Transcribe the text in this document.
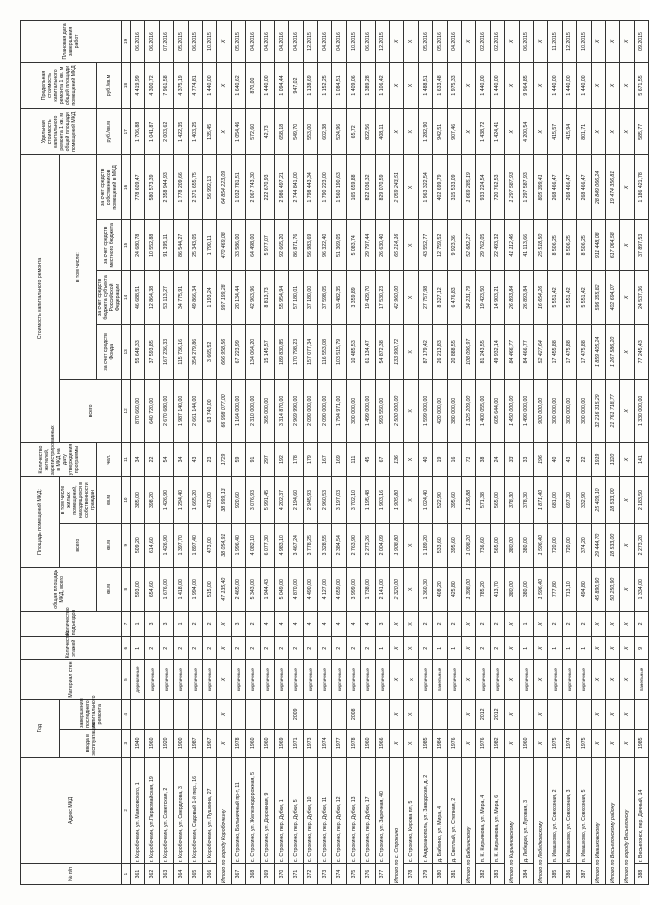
№ п/п	Адрес МКД	Год		Материал стен	Количество этажей	Количество подъездов	общая площадь МКД, всего	Площадь помещений МКД:		Количество жителей, зарегистрированных в МКД на дату утверждения программы	Стоимость капитального ремонта					Удельная стоимость капитального ремонта 1 кв. м общей площади помещений МКД	Предельная стоимость капитального ремонта 1 кв. м общей площади помещений МКД	Плановая дата завершения работ
		ввода в эксплуатацию	завершения последнего капитального ремонта					всего	в том числе жилых помещений, находящихся в собственности граждан		всего	в том числе:						
							кв.м	кв.м	кв.м	чел.		за счет средств Фонда	за счет средств бюджета субъекта Российской Федерации	за счет средств местного бюджета	за счет средств собственников помещений в МКД	руб./кв.м	руб./кв.м	
1	2	3	4	5	6	7	8	9	10	11	12	13	14	15	16	17	18	19
361	г. Коробочкин, ул. Маяковского, 1	1940		деревянные	1	1	593,00	509,20	385,00	34	870 660,00	55 648,33	46 688,51	24 680,78	778 609,47	1 706,88	4 419,99	06.2016
362	г. Коробочкин, ул.Первомайская, 19	1960		кирпичные	2	3	654,60	614,60	398,20	22	640 720,00	37 593,85	12 864,38	10 552,88	580 573,39	1 041,87	4 300,72	06.2016
363	г. Коробочкин, ул. Советская, 2	1920		кирпичные	2	3	1 676,00	1 426,90	1 426,90	54	2 670 680,00	167 236,33	53 113,27	91 395,11	2 358 944,93	2 003,62	7 961,58	07.2016
364	г. Коробочкин, ул. Свердлова, 3	1900		кирпичные	2	1	1 418,00	1 397,70	1 294,40	34	1 987 140,00	115 736,16	34 775,91	86 544,27	1 778 209,66	1 422,35	4 375,19	05.2015
365	г. Коробочкин, Садовый 1-й пер., 16	1987		кирпичные	2	2	1 994,00	1 897,40	1 665,20	43	2 661 144,00	354 279,86	49 866,34	25 343,05	2 371 655,75	1 403,25	4 774,81	06.2015
366	г. Коробочкин, ул. Пушкина, 27	1967		кирпичные	2	2	515,00	473,00	473,00	23	63 740,00	3 665,52	1 193,24	1 790,11	56 992,13	135,45	1 440,00	10.2015
Итого по городу Коробочкину		X	X	X	X	X	47 135,40	38 054,91	38 999,13	1729	66 998 077,00	666 958,56	997 199,28	470 469,08	64 854 223,09	X	X	X
367	с. Строкино, Больничный пр-т, 11	1978		кирпичные	2	3	2 465,00	1 996,40	920,60	59	1 164 000,00	67 223,99	20 134,44	33 586,00	1 032 781,51	1 054,46	1 640,62	05.2015
368	с. Строкино, ул. Железнодорожная, 5	1960		кирпичные	2	2	5 343,00	4 082,10	3 076,93	91	2 310 000,00	134 064,20	42 963,96	64 498,00	2 067 743,30	572,60	870,00	04.2016
369	с. Строкино, ул. Дорожная, 9	1960		кирпичные	2	4	1 944,43	6 077,30	5 991,45	297	365 000,00	15 145,57	8 813,73	5 977,07	222 670,93	42,73	1 440,00	04.2016
370	с. Строкино, пер. Дубки, 1	1969		кирпичные	2	4	5 049,00	4 983,10	4 202,37	192	3 314 870,00	189 830,85	55 954,94	92 665,20	2 986 497,21	658,18	1 094,44	04.2016
371	с. Строкино, пер. Дубки, 5	1971	2009	кирпичные	2	4	4 870,00	3 467,24	2 194,60	178	2 969 990,00	170 798,23	57 180,01	86 871,76	2 744 841,00	549,70	947,02	04.2016
372	с. Строкино, пер. Дубки, 10	1973		кирпичные	2	4	4 490,00	3 778,25	2 945,93	179	2 090 000,00	157 077,34	37 180,00	56 983,69	1 798 443,34	553,00	1 138,69	12.2015
373	с. Строкино, пер. Дубки, 11	1974		кирпичные	2	4	4 127,00	3 328,55	2 960,53	167	2 090 000,00	116 553,08	37 598,05	96 322,40	1 790 223,00	602,38	1 152,25	04.2016
374	с. Строкино, пер. Дубки, 12	1977		кирпичные	2	4	4 659,00	2 384,54	3 197,03	169	1 794 971,00	103 515,79	33 482,35	51 369,05	1 560 190,63	524,96	1 084,51	04.2016
375	с. Строкино, пер. Дубки, 13	1978	2008	кирпичные	2	4	3 999,00	2 763,90	3 702,10	111	300 000,00	10 485,53	3 359,89	5 083,74	165 659,88	65,72	1 409,06	10.2015
376	с. Строкино, пер. Дубки, 17	1960		кирпичные	2	4	1 738,00	2 273,26	1 195,48	45	1 499 000,00	61 134,47	19 429,70	29 797,44	822 036,32	822,56	1 389,28	06.2016
377	с. Строкино, ул. Заречная, 40	1966		кирпичные	1	3	2 141,00	2 004,09	1 903,16	67	993 550,00	54 872,38	17 530,23	26 630,40	829 070,59	408,11	1 106,42	12.2015
Итого по с. Строкино		X	X	X	X	X	2 320,00	1 908,80	1 905,80	136	2 500 000,00	133 990,72	42 960,00	65 214,16	2 059 243,51	X	X	X
378	с. Строкино, Кирова пл, 5	X	X	X	X	X	X	X	X	X	X	X	X	X	X	X	X	X
379	г. Андреанополь, ул. Заводская, д. 2	1985		кирпичные	2	2	1 360,30	1 189,20	1 024,40	40	1 599 000,00	87 179,42	27 757,98	43 552,77	1 963 322,54	1 282,90	1 488,51	05.2016
380	д. Бабкино, ул. Мира, 4	1984		панельные	1	2	408,20	533,60	522,90	19	420 000,00	26 213,83	8 327,12	12 759,52	402 699,79	942,51	1 633,48	05.2016
381	д. Светлый, ул. Степная, 2	1976		кирпичные	1	2	425,80	395,60	395,60	16	380 000,00	20 888,55	6 476,83	9 923,36	315 533,09	907,46	1 975,33	04.2016
Итого по Бабкинскому		X	X	X	X	X	1 398,00	1 098,20	1 136,88	71	1 325 209,00	108 096,97	34 231,79	52 682,27	1 669 285,19	X	X	X
382	п. К. Кирьянова, ул. Мира, 4	1976	2012	кирпичные	2	2	785,20	736,60	571,38	38	1 400 055,00	81 243,55	19 423,50	29 762,05	933 224,54	1 438,72	1 440,00	02.2016
383	п. К. Кирьянова, ул. Мира, 6	1982	2012	кирпичные	2	2	413,70	565,00	565,00	24	605 644,00	49 932,14	14 903,21	22 493,32	720 762,53	1 424,41	1 440,00	02.2016
Итого по Кирьяновскому		X	X	X	X	X	380,00	380,00	378,30	33	1 450 000,00	84 466,77	26 893,84	41 112,46	1 297 587,93	X	X	X
384	д. Лебедки, ул. Луговая, 3	1960		кирпичные	1	1	380,00	380,00	378,30	33	1 490 000,00	84 466,77	26 893,84	41 113,66	1 297 587,93	4 200,54	9 964,85	06.2015
Итого по Лебедковскому		X	X	X	X	X	1 596,40	1 596,40	1 871,40	196	900 000,00	52 427,64	16 654,26	25 518,50	805 399,41	X	X	X
385	п. Ивашково, ул. Совхозная, 2	1975		кирпичные	1	2	777,80	720,00	681,00	40	300 000,00	17 455,88	5 551,42	8 506,25	268 466,47	415,57	1 440,00	11.2015
386	п. Ивашково, ул. Совхозная, 3	1974		кирпичные	1	2	713,10	720,00	697,30	43	300 000,00	17 475,88	5 551,42	8 506,25	268 466,47	415,94	1 440,00	12.2015
387	п. Ивашково, ул. Совхозная, 5	1975		кирпичные	1	2	494,80	374,20	332,90	22	300 000,00	17 475,88	5 551,42	8 506,25	268 466,47	801,71	1 440,00	10.2015
Итого по Ивашковскому		X	X	X	X	X	45 890,90	29 444,70	25 409,10	1919	32 216 315,29	1 859 405,24	596 355,82	911 448,08	28 849 066,24	X	X	X
Итого по Весьегонскому району		X	X	X	X	X	50 250,90	18 533,00	18 533,00	1320	21 761 718,77	1 267 586,20	402 694,07	617 064,58	19 474 356,81	X	X	X
Итого по городу Весьегонску		X	X	X	X	X	X	X	X	X	X	X	X	X	X	X	X	X
388	г. Весьегонск, пер. Дачный, 14	1985		панельные	9	2	1 334,00	2 273,20	2 183,50	141	1 330 000,00	77 245,43	24 537,36	37 897,53	1 186 421,78	585,77	5 671,55	09.2015
